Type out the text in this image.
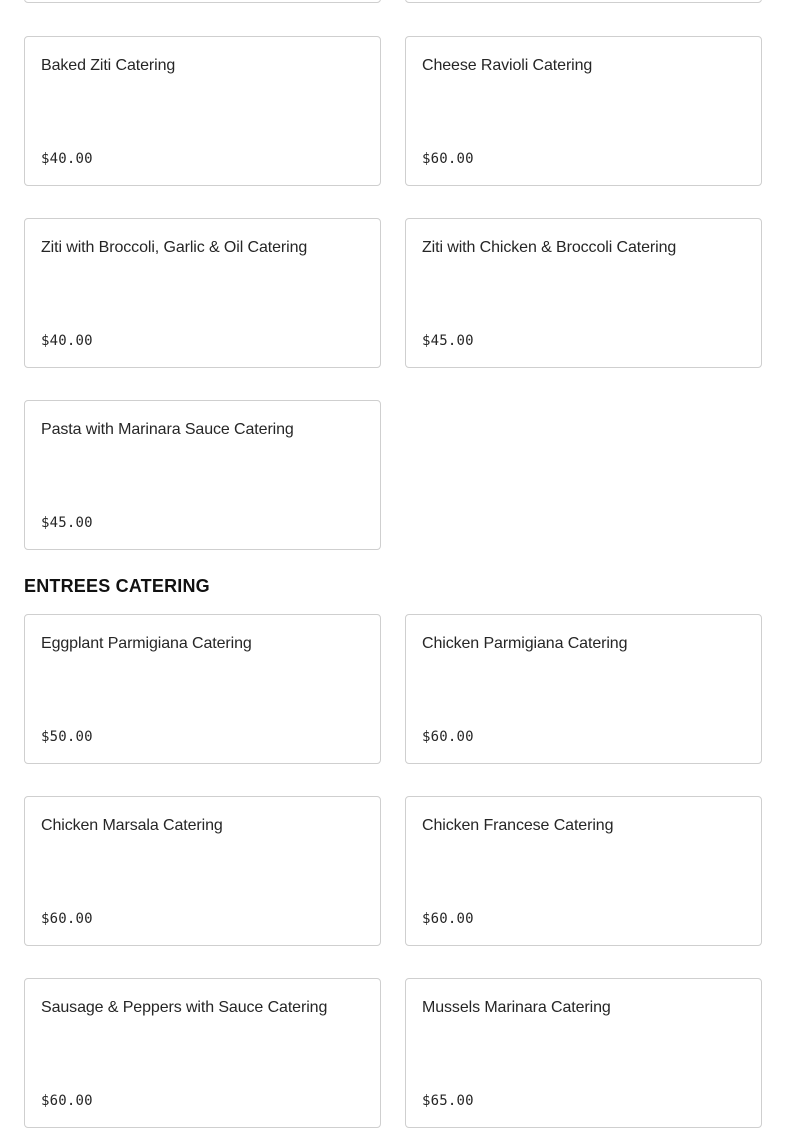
Baked Ziti Catering
$40.00
Cheese Ravioli Catering
$60.00
Ziti with Broccoli, Garlic & Oil Catering
$40.00
Ziti with Chicken & Broccoli Catering
$45.00
Pasta with Marinara Sauce Catering
$45.00
ENTREES CATERING
Eggplant Parmigiana Catering
$50.00
Chicken Parmigiana Catering
$60.00
Chicken Marsala Catering
$60.00
Chicken Francese Catering
$60.00
Sausage & Peppers with Sauce Catering
$60.00
Mussels Marinara Catering
$65.00
